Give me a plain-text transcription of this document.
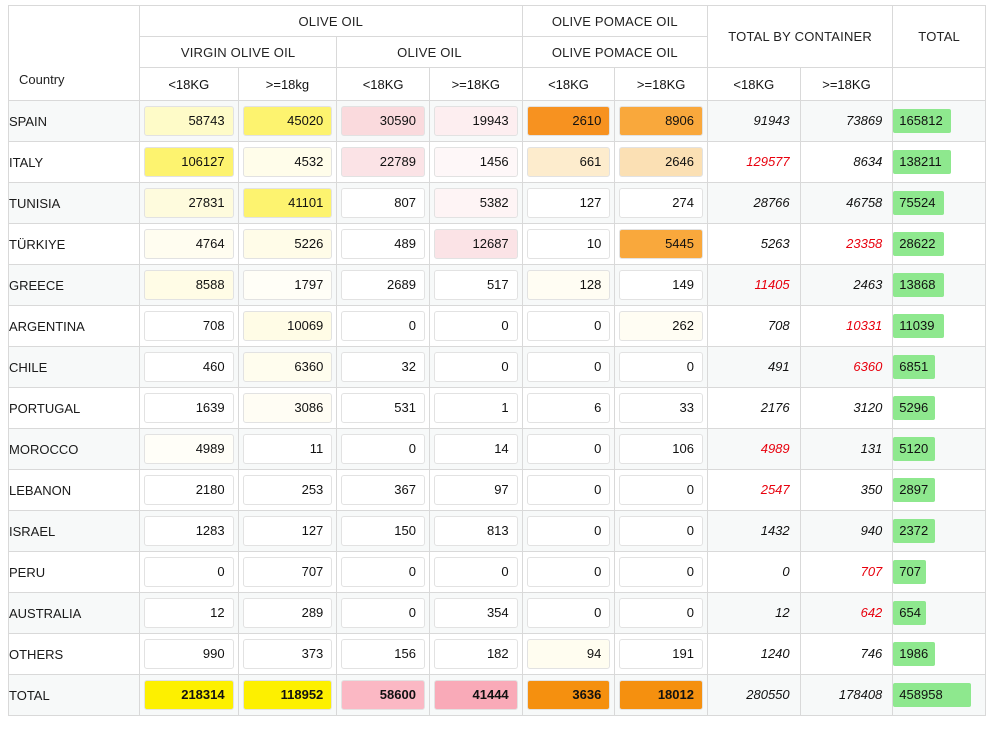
Country	OLIVE OIL				OLIVE POMACE OIL		TOTAL BY CONTAINER		TOTAL
	VIRGIN OLIVE OIL		OLIVE OIL		OLIVE POMACE OIL				
	<18KG	>=18kg	<18KG	>=18KG	<18KG	>=18KG	<18KG	>=18KG	
SPAIN	58743	45020	30590	19943	2610	8906	91943	73869	165812

ITALY	106127	4532	22789	1456	661	2646	129577	8634	138211

TUNISIA	27831	41101	807	5382	127	274	28766	46758	75524

TÜRKIYE	4764	5226	489	12687	10	5445	5263	23358	28622

GREECE	8588	1797	2689	517	128	149	11405	2463	13868

ARGENTINA	708	10069	0	0	0	262	708	10331	11039

CHILE	460	6360	32	0	0	0	491	6360	6851

PORTUGAL	1639	3086	531	1	6	33	2176	3120	5296

MOROCCO	4989	11	0	14	0	106	4989	131	5120

LEBANON	2180	253	367	97	0	0	2547	350	2897

ISRAEL	1283	127	150	813	0	0	1432	940	2372

PERU	0	707	0	0	0	0	0	707	707

AUSTRALIA	12	289	0	354	0	0	12	642	654

OTHERS	990	373	156	182	94	191	1240	746	1986

TOTAL	218314	118952	58600	41444	3636	18012	280550	178408	458958
